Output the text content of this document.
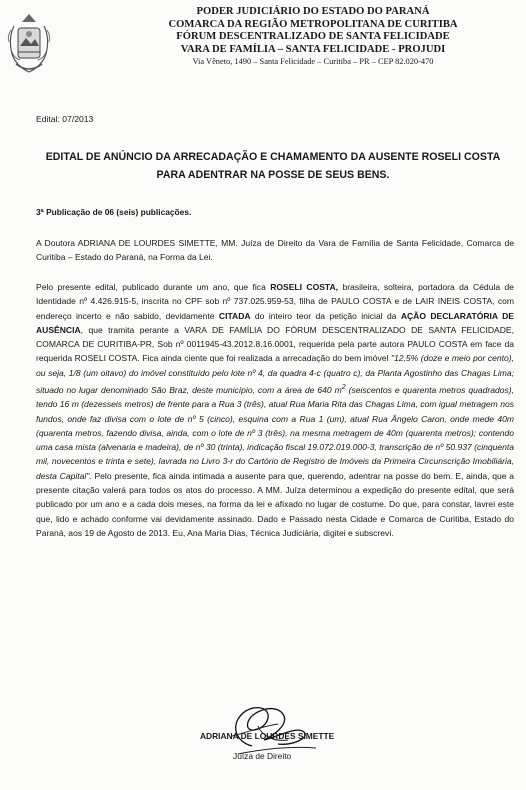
PODER JUDICIÁRIO DO ESTADO DO PARANÁ
COMARCA DA REGIÃO METROPOLITANA DE CURITIBA
FÓRUM DESCENTRALIZADO DE SANTA FELICIDADE
VARA DE FAMÍLIA – SANTA FELICIDADE - PROJUDI
Via Vêneto, 1490 – Santa Felicidade – Curitiba – PR – CEP 82.020-470
Edital: 07/2013
EDITAL DE ANÚNCIO DA ARRECADAÇÃO E CHAMAMENTO DA AUSENTE ROSELI COSTA PARA ADENTRAR NA POSSE DE SEUS BENS.
3ª Publicação de 06 (seis) publicações.

A Doutora ADRIANA DE LOURDES SIMETTE, MM. Juíza de Direito da Vara de Família de Santa Felicidade, Comarca de Curitiba – Estado do Paraná, na Forma da Lei.

Pelo presente edital, publicado durante um ano, que fica ROSELI COSTA, brasileira, solteira, portadora da Cédula de Identidade nº 4.426.915-5, inscrita no CPF sob nº 737.025.959-53, filha de PAULO COSTA e de LAIR INEIS COSTA, com endereço incerto e não sabido, devidamente CITADA do inteiro teor da petição inicial da AÇÃO DECLARATÓRIA DE AUSÊNCIA, que tramita perante a VARA DE FAMÍLIA DO FÓRUM DESCENTRALIZADO DE SANTA FELICIDADE, COMARCA DE CURITIBA-PR, Sob nº 0011945-43.2012.8.16.0001, requerida pela parte autora PAULO COSTA em face da requerida ROSELI COSTA. Fica ainda ciente que foi realizada a arrecadação do bem imóvel "12,5% (doze e meio por cento), ou seja, 1/8 (um oitavo) do imóvel constituído pelo lote nº 4, da quadra 4-c (quatro c), da Planta Agostinho das Chagas Lima; situado no lugar denominado São Braz, deste município, com a área de 640 $m^2$ (seiscentos e quarenta metros quadrados), tendo 16 m (dezesseis metros) de frente para a Rua 3 (três), atual Rua Maria Rita das Chagas Lima, com igual metragem nos fundos, onde faz divisa com o lote de nº 5 (cinco), esquina com a Rua 1 (um), atual Rua Ângelo Caron, onde mede 40m (quarenta metros, fazendo divisa, ainda, com o lote de nº 3 (três), na mesma metragem de 40m (quarenta metros); contendo uma casa mista (alvenaria e madeira), de nº 30 (trinta), indicação fiscal 19.072.019.000-3, transcrição de nº 50.937 (cinquenta mil, novecentos e trinta e sete), lavrada no Livro 3-r do Cartório de Registro de Imóveis da Primeira Circunscrição Imobiliária, desta Capital". Pelo presente, fica ainda intimada a ausente para que, querendo, adentrar na posse do bem. E, ainda, que a presente citação valerá para todos os atos do processo. A MM. Juíza determinou a expedição do presente edital, que será publicado por um ano e a cada dois meses, na forma da lei e afixado no lugar de costume. Do que, para constar, lavrei este que, lido e achado conforme vai devidamente assinado. Dado e Passado nesta Cidade e Comarca de Curitiba, Estado do Paraná, aos 19 de Agosto de 2013. Eu, Ana Maria Dias, Técnica Judiciária, digitei e subscrevi.

ADRIANA DE LOURDES SIMETTE
Juíza de Direito
